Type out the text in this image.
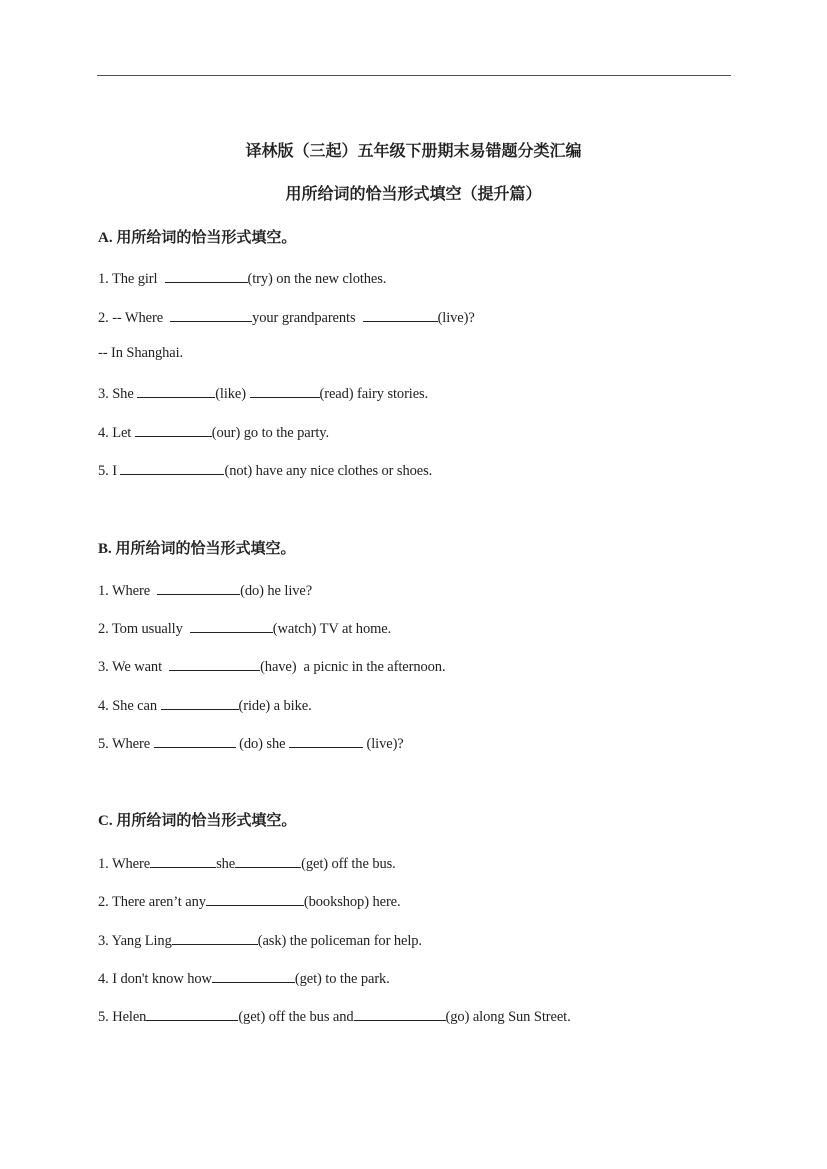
译林版（三起）五年级下册期末易错题分类汇编
用所给词的恰当形式填空（提升篇）
A. 用所给词的恰当形式填空。
1. The girl	(try) on the new clothes.
2. -- Where	your grandparents	(live)?
-- In Shanghai.
3. She	(like)	(read) fairy stories.
4. Let	(our) go to the party.
5. I	(not) have any nice clothes or shoes.
B. 用所给词的恰当形式填空。
1. Where	(do) he live?
2. Tom usually	(watch) TV at home.
3. We want	(have)  a picnic in the afternoon.
4. She can	(ride) a bike.
5. Where	(do) she	(live)?
C. 用所给词的恰当形式填空。
1. Where	she	(get) off the bus.
2. There aren’t any	(bookshop) here.
3. Yang Ling	(ask) the policeman for help.
4. I don't know how	(get) to the park.
5. Helen	(get) off the bus and	(go) along Sun Street.
